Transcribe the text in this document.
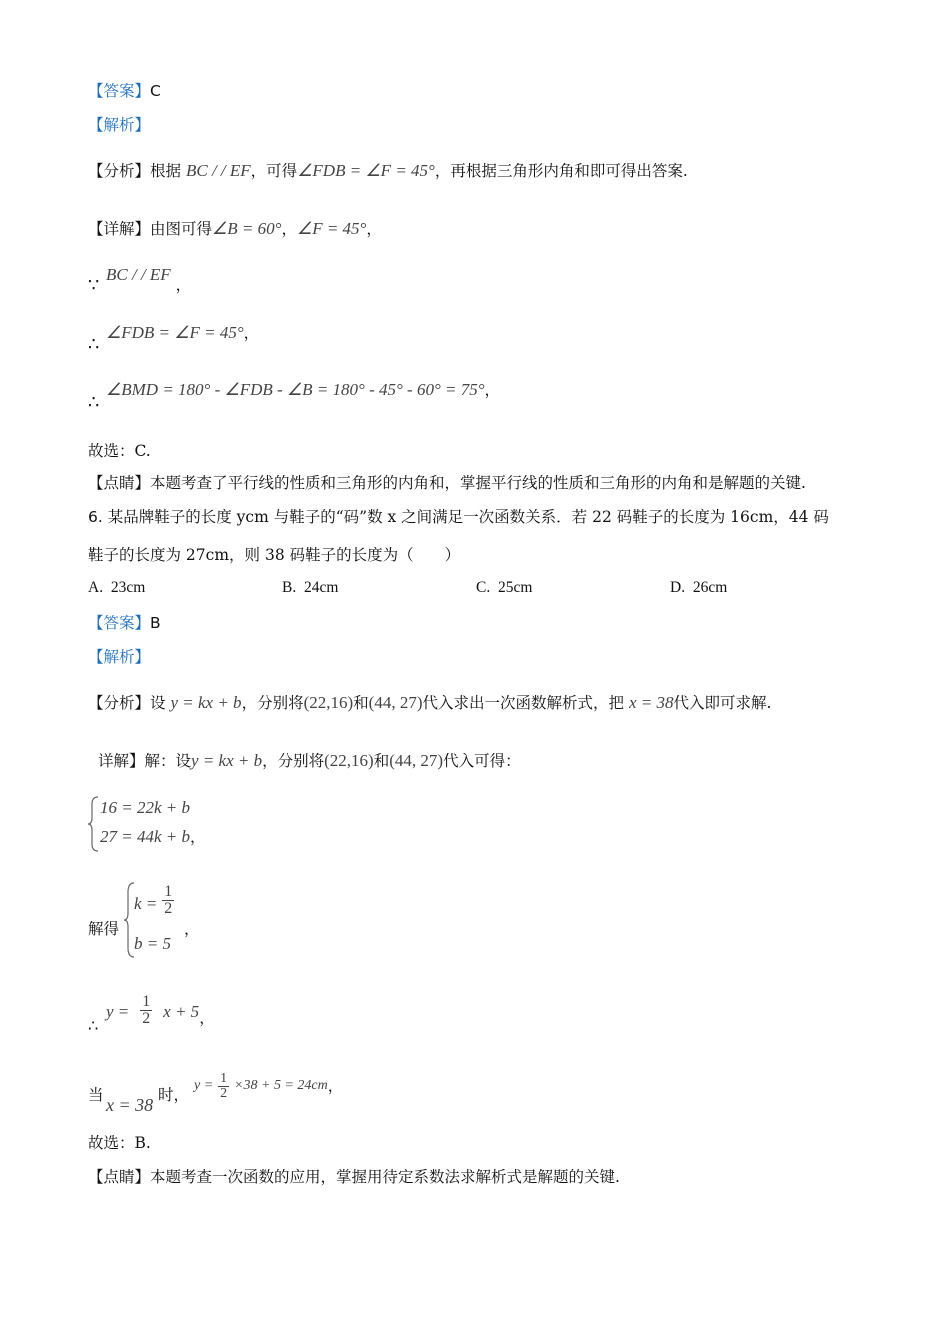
【答案】C
【解析】
【分析】根据 BC / / EF，可得∠FDB = ∠F = 45°，再根据三角形内角和即可得出答案.
【详解】由图可得∠B = 60°，∠F = 45°，
∵
BC / / EF ，
∴
∠FDB = ∠F = 45°，
∴
∠BMD = 180° - ∠FDB - ∠B = 180° - 45° - 60° = 75°，
故选：C.
【点睛】本题考查了平行线的性质和三角形的内角和，掌握平行线的性质和三角形的内角和是解题的关键.
6. 某品牌鞋子的长度 ycm 与鞋子的“码”数 x 之间满足一次函数关系．若 22 码鞋子的长度为 16cm，44 码
鞋子的长度为 27cm，则 38 码鞋子的长度为（　　）
A. 23cm	B. 24cm	C. 25cm	D. 26cm
【答案】B
【解析】
【分析】设 y = kx + b，分别将(22,16)和(44, 27)代入求出一次函数解析式，把 x = 38代入即可求解.
详解】解：设y = kx + b，分别将(22,16)和(44, 27)代入可得：
16 = 22k + b
27 = 44k + b，
解得
$k = \frac{1}{2}$
b = 5
，
∴
$y = \frac{1}{2}$ x + 5，
当 x = 38 时，
$y = \frac{1}{2} \times 38 + 5 = 24cm$，
故选：B.
【点睛】本题考查一次函数的应用，掌握用待定系数法求解析式是解题的关键.
